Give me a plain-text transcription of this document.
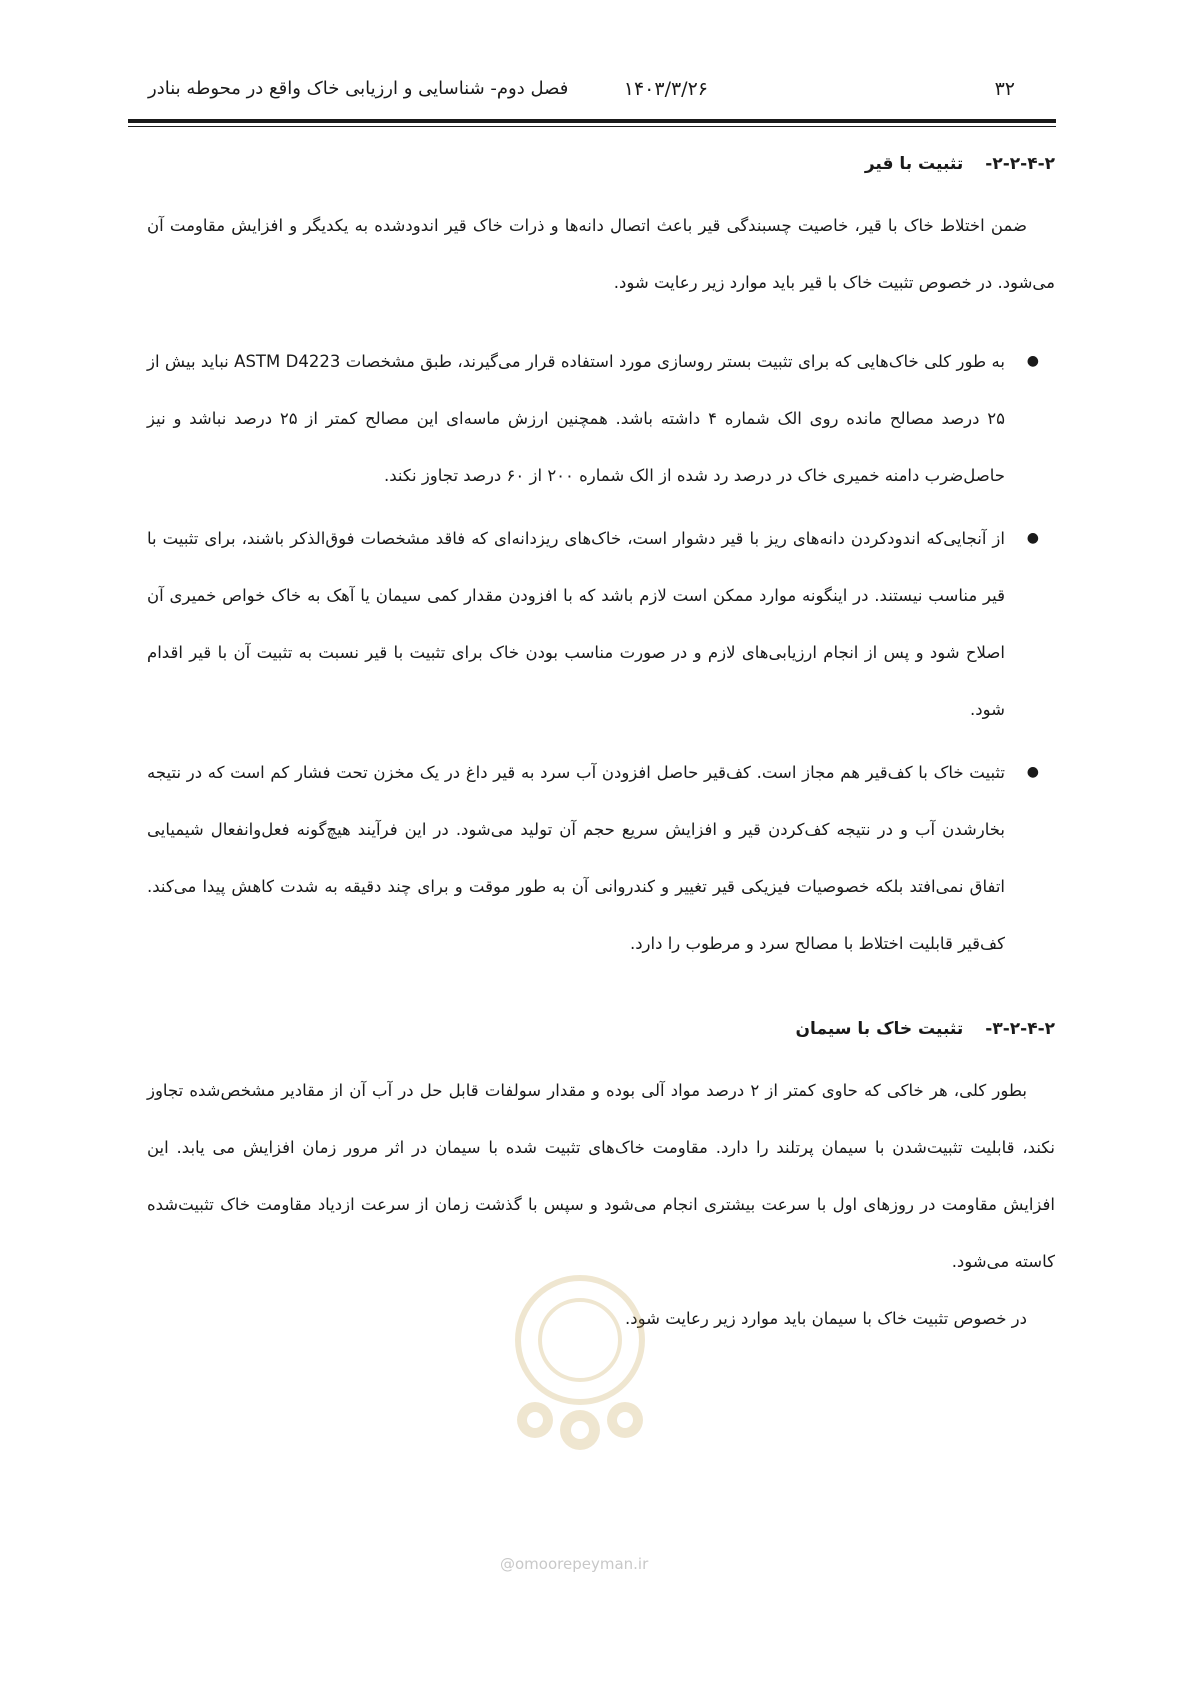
۳۲
۱۴۰۳/۳/۲۶
فصل دوم- شناسایی و ارزیابی خاک واقع در محوطه بنادر
۲-۲-۴-۲-تثبیت با قیر

ضمن اختلاط خاک با قیر، خاصیت چسبندگی قیر باعث اتصال دانه‌ها و ذرات خاک قیر اندودشده به یکدیگر و افزایش مقاومت آن می‌شود. در خصوص تثبیت خاک با قیر باید موارد زیر رعایت شود.

●
به طور کلی خاک‌هایی که برای تثبیت بستر روسازی مورد استفاده قرار می‌گیرند، طبق مشخصات ASTM D4223 نباید بیش از ۲۵ درصد مصالح مانده روی الک شماره ۴ داشته باشد. همچنین ارزش ماسه‌ای این مصالح کمتر از ۲۵ درصد نباشد و نیز حاصل‌ضرب دامنه خمیری خاک در درصد رد شده از الک شماره ۲۰۰ از ۶۰ درصد تجاوز نکند.
●
از آنجایی‌که اندودکردن دانه‌های ریز با قیر دشوار است، خاک‌های ریزدانه‌ای که فاقد مشخصات فوق‌الذکر باشند، برای تثبیت با قیر مناسب نیستند. در اینگونه موارد ممکن است لازم باشد که با افزودن مقدار کمی سیمان یا آهک به خاک خواص خمیری آن اصلاح شود و پس از انجام ارزیابی‌های لازم و در صورت مناسب بودن خاک برای تثبیت با قیر نسبت به تثبیت آن با قیر اقدام شود.
●
تثبیت خاک با کف‌قیر هم مجاز است. کف‌قیر حاصل افزودن آب سرد به قیر داغ در یک مخزن تحت فشار کم است که در نتیجه بخارشدن آب و در نتیجه کف‌کردن قیر و افزایش سریع حجم آن تولید می‌شود. در این فرآیند هیچ‌گونه فعل‌وانفعال شیمیایی اتفاق نمی‌افتد بلکه خصوصیات فیزیکی قیر تغییر و کندروانی آن به طور موقت و برای چند دقیقه به شدت کاهش پیدا می‌کند. کف‌قیر قابلیت اختلاط با مصالح سرد و مرطوب را دارد.
۳-۲-۴-۲-تثبیت خاک با سیمان

بطور کلی، هر خاکی که حاوی کمتر از ۲ درصد مواد آلی بوده و مقدار سولفات قابل حل در آب آن از مقادیر مشخص‌شده تجاوز نکند، قابلیت تثبیت‌شدن با سیمان پرتلند را دارد. مقاومت خاک‌های تثبیت شده با سیمان در اثر مرور زمان افزایش می یابد. این افزایش مقاومت در روزهای اول با سرعت بیشتری انجام می‌شود و سپس با گذشت زمان از سرعت ازدیاد مقاومت خاک تثبیت‌شده کاسته می‌شود.

در خصوص تثبیت خاک با سیمان باید موارد زیر رعایت شود.

@omoorepeyman.ir
